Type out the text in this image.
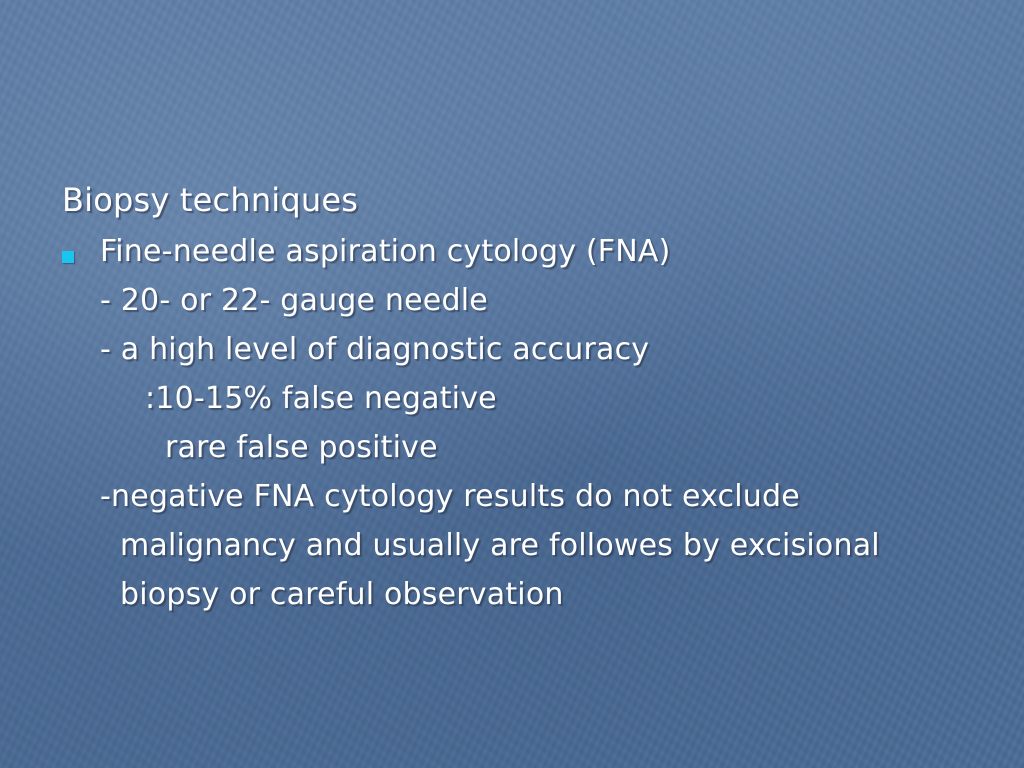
Biopsy techniques
Fine-needle aspiration cytology (FNA)
- 20- or 22- gauge needle
- a high level of diagnostic accuracy
:10-15% false negative
rare false positive
-negative FNA cytology results do not exclude
malignancy and usually are followes by excisional
biopsy or careful observation
